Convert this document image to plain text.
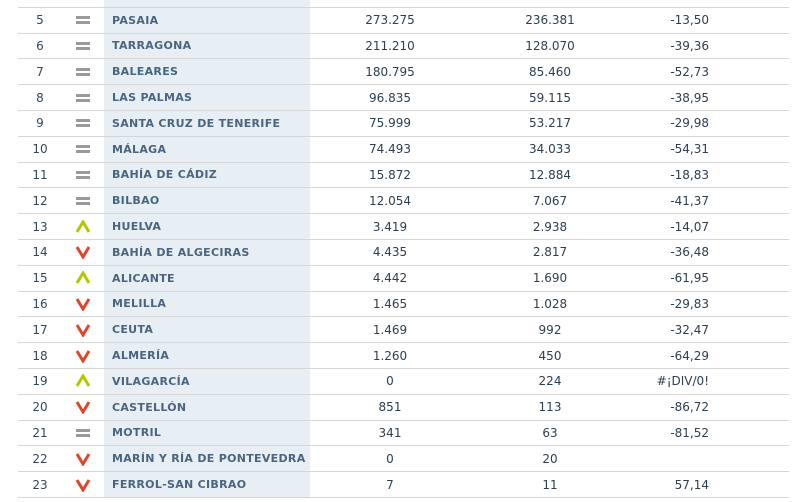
5	PASAIA	273.275	236.381	-13,50
6	TARRAGONA	211.210	128.070	-39,36
7	BALEARES	180.795	85.460	-52,73
8	LAS PALMAS	96.835	59.115	-38,95
9	SANTA CRUZ DE TENERIFE	75.999	53.217	-29,98
10	MÁLAGA	74.493	34.033	-54,31
11	BAHÍA DE CÁDIZ	15.872	12.884	-18,83
12	BILBAO	12.054	7.067	-41,37
13	HUELVA	3.419	2.938	-14,07
14	BAHÍA DE ALGECIRAS	4.435	2.817	-36,48
15	ALICANTE	4.442	1.690	-61,95
16	MELILLA	1.465	1.028	-29,83
17	CEUTA	1.469	992	-32,47
18	ALMERÍA	1.260	450	-64,29
19	VILAGARCÍA	0	224	#¡DIV/0!
20	CASTELLÓN	851	113	-86,72
21	MOTRIL	341	63	-81,52
22	MARÍN Y RÍA DE PONTEVEDRA	0	20
23	FERROL-SAN CIBRAO	7	11	57,14
